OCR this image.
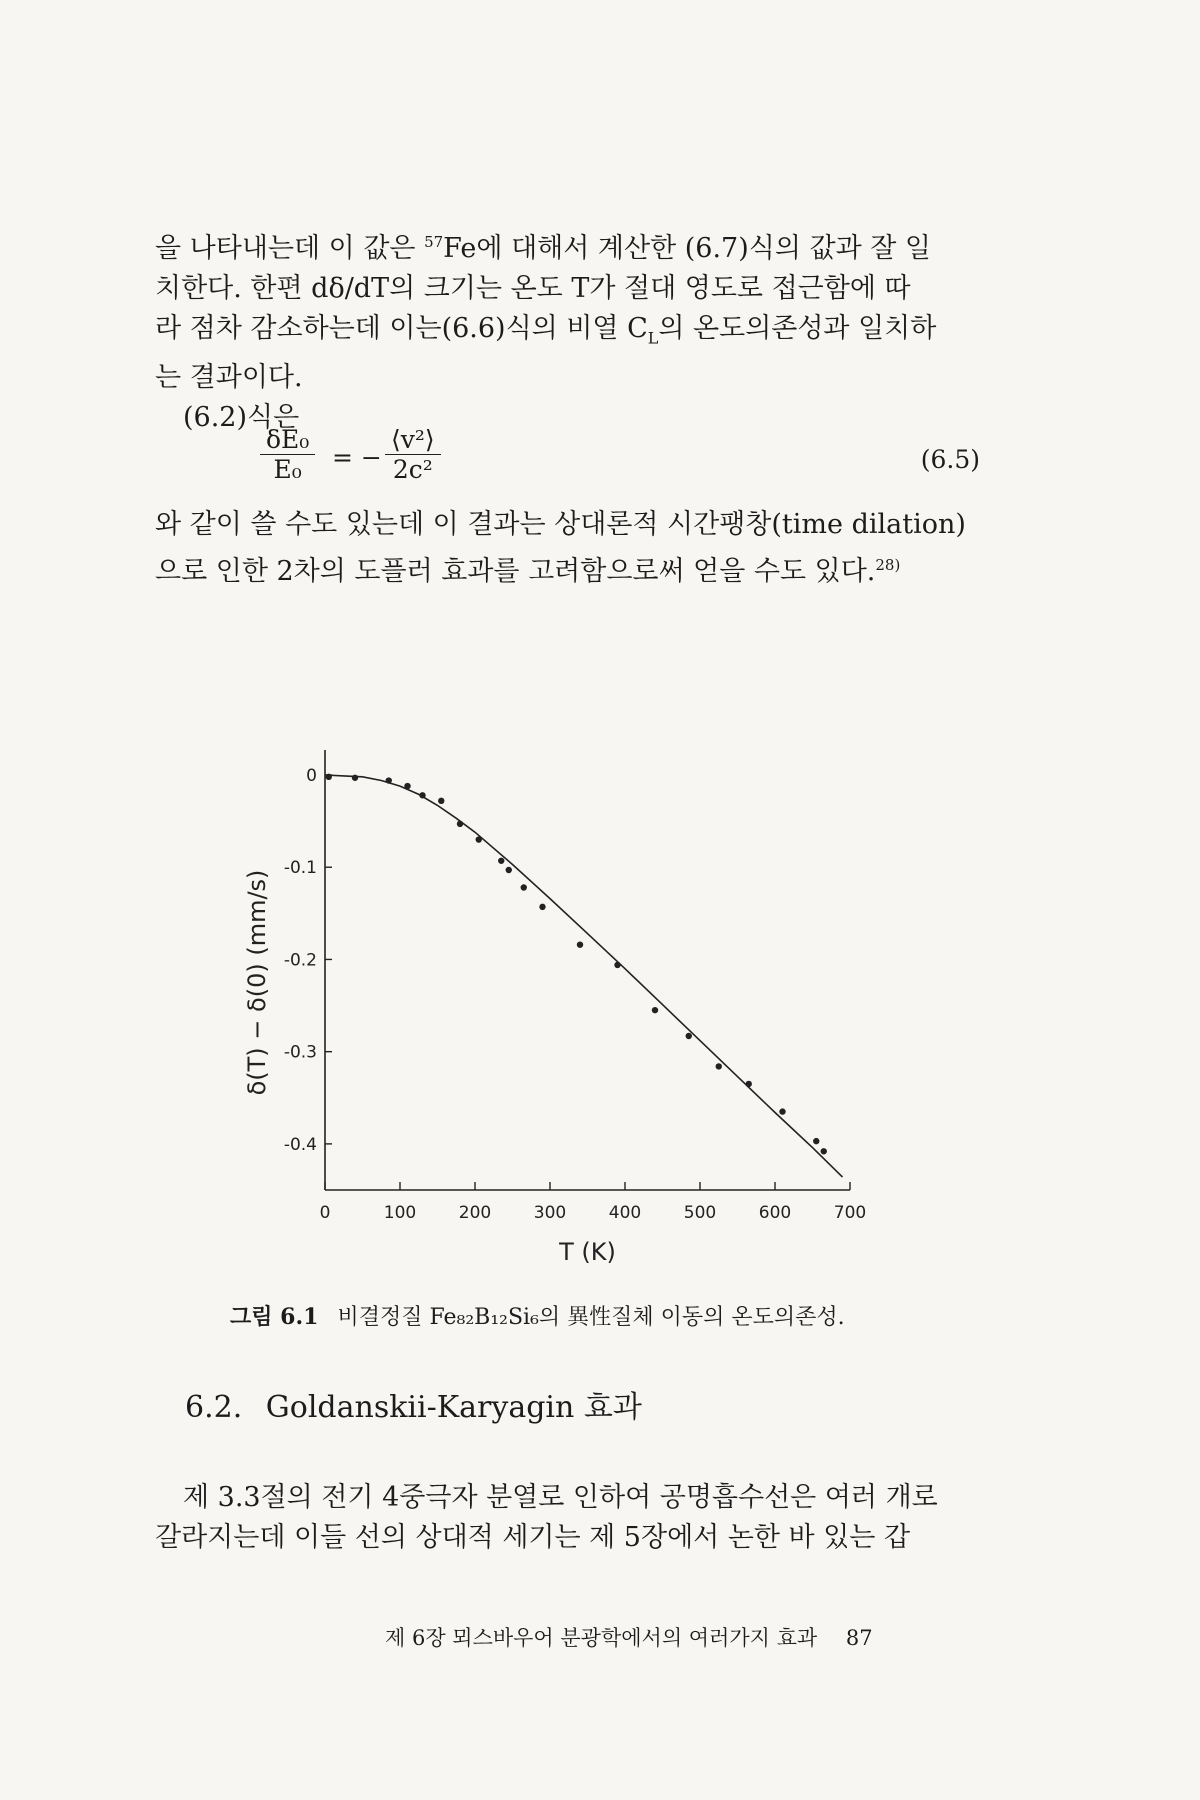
을 나타내는데 이 값은 $^{57}$Fe에 대해서 계산한 (6.7)식의 값과 잘 일
치한다. 한편 dδ/dT의 크기는 온도 T가 절대 영도로 접근함에 따
라 점차 감소하는데 이는(6.6)식의 비열 $C_L$의 온도의존성과 일치하
는 결과이다.
(6.2)식은
$\frac{\text{δE₀}}{\text{E₀}}$ = − $\frac{\text{⟨v²⟩}}{\text{2c²}}$	(6.5)
와 같이 쓸 수도 있는데 이 결과는 상대론적 시간팽창(time dilation)
으로 인한 2차의 도플러 효과를 고려함으로써 얻을 수도 있다.$^{28)}$
0	100	200	300	400	500	600	700
0
-0.1
-0.2
-0.3
-0.4
T (K)
δ(T) − δ(0) (mm/s)
그림 6.1 비결정질 Fe₈₂B₁₂Si₆의 異性질체 이동의 온도의존성.
6.2. Goldanskii-Karyagin 효과
제 3.3절의 전기 4중극자 분열로 인하여 공명흡수선은 여러 개로
갈라지는데 이들 선의 상대적 세기는 제 5장에서 논한 바 있는 갑
제 6장 뫼스바우어 분광학에서의 여러가지 효과 87
